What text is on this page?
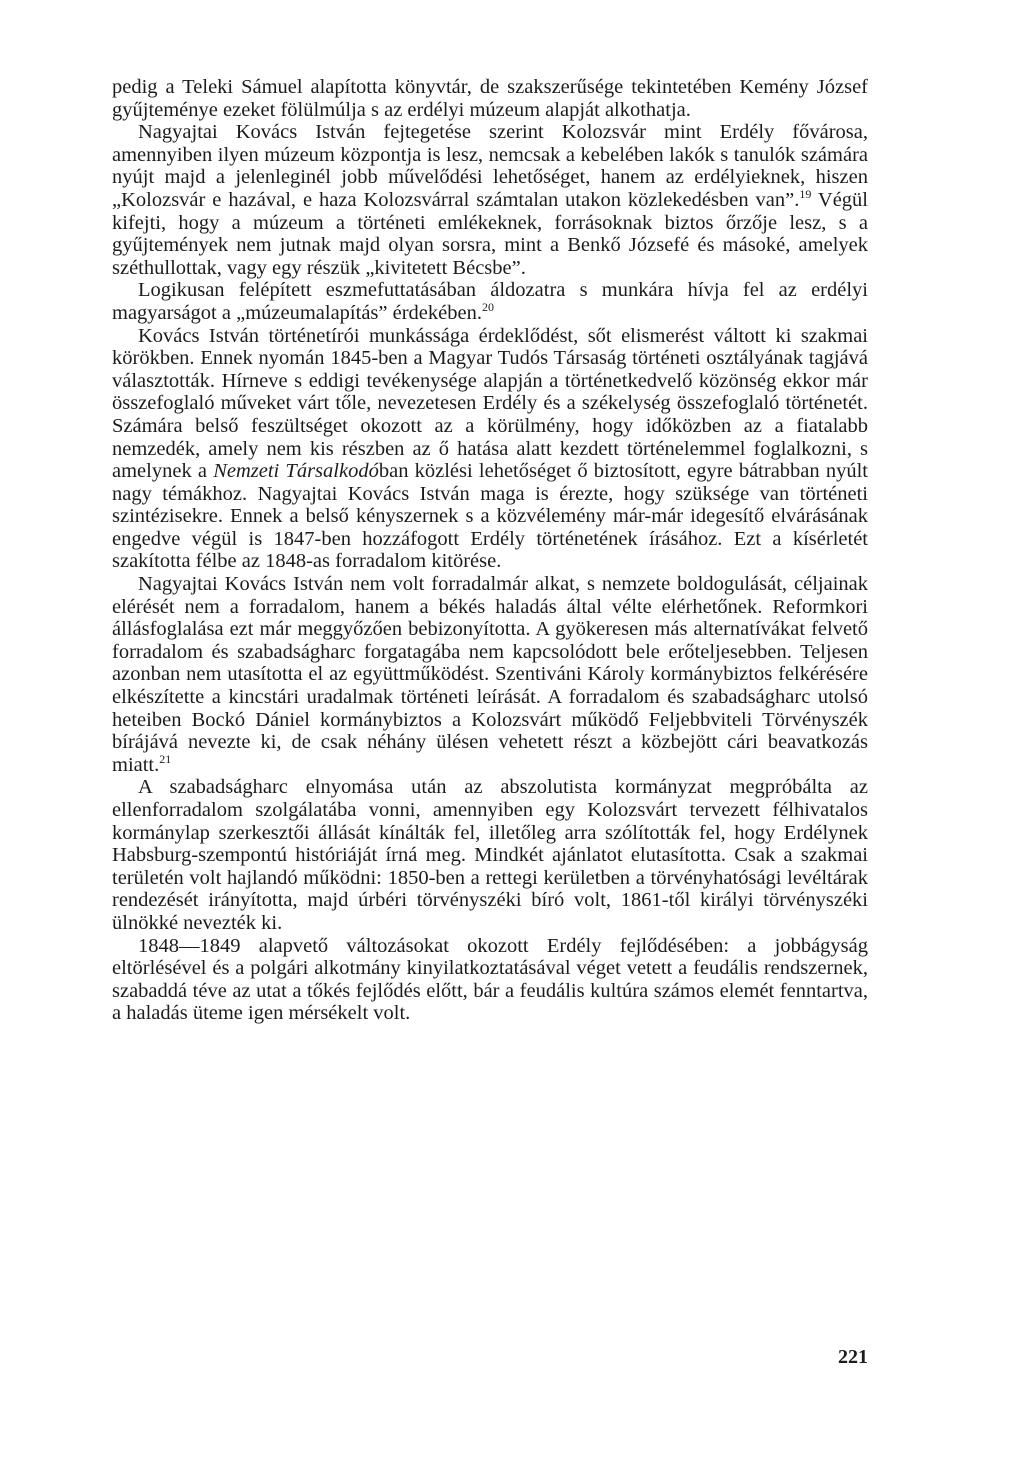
pedig a Teleki Sámuel alapította könyvtár, de szakszerűsége tekintetében Kemény József gyűjteménye ezeket fölülmúlja s az erdélyi múzeum alapját alkothatja.

Nagyajtai Kovács István fejtegetése szerint Kolozsvár mint Erdély fővárosa, amennyiben ilyen múzeum központja is lesz, nemcsak a kebelében lakók s tanulók számára nyújt majd a jelenleginél jobb művelődési lehetőséget, hanem az erdélyieknek, hiszen „Kolozsvár e hazával, e haza Kolozsvárral számtalan utakon közlekedésben van”.$^{19}$ Végül kifejti, hogy a múzeum a történeti emlékeknek, forrásoknak biztos őrzője lesz, s a gyűjtemények nem jutnak majd olyan sorsra, mint a Benkő Józsefé és másoké, amelyek széthullottak, vagy egy részük „kivitetett Bécsbe”.

Logikusan felépített eszmefuttatásában áldozatra s munkára hívja fel az erdélyi magyarságot a „múzeumalapítás” érdekében.$^{20}$

Kovács István történetírói munkássága érdeklődést, sőt elismerést váltott ki szakmai körökben. Ennek nyomán 1845-ben a Magyar Tudós Társaság történeti osztályának tagjává választották. Hírneve s eddigi tevékenysége alapján a történetkedvelő közönség ekkor már összefoglaló műveket várt tőle, nevezetesen Erdély és a székelység összefoglaló történetét. Számára belső feszültséget okozott az a körülmény, hogy időközben az a fiatalabb nemzedék, amely nem kis részben az ő hatása alatt kezdett történelemmel foglalkozni, s amelynek a Nemzeti Társalkodóban közlési lehetőséget ő biztosított, egyre bátrabban nyúlt nagy témákhoz. Nagyajtai Kovács István maga is érezte, hogy szüksége van történeti szintézisekre. Ennek a belső kényszernek s a közvélemény már-már idegesítő elvárásának engedve végül is 1847-ben hozzáfogott Erdély történetének írásához. Ezt a kísérletét szakította félbe az 1848-as forradalom kitörése.

Nagyajtai Kovács István nem volt forradalmár alkat, s nemzete boldogulását, céljainak elérését nem a forradalom, hanem a békés haladás által vélte elérhetőnek. Reformkori állásfoglalása ezt már meggyőzően bebizonyította. A gyökeresen más alternatívákat felvető forradalom és szabadságharc forgatagába nem kapcsolódott bele erőteljesebben. Teljesen azonban nem utasította el az együttműködést. Szentiváni Károly kormánybiztos felkérésére elkészítette a kincstári uradalmak történeti leírását. A forradalom és szabadságharc utolsó heteiben Bockó Dániel kormánybiztos a Kolozsvárt működő Feljebbviteli Törvényszék bírájává nevezte ki, de csak néhány ülésen vehetett részt a közbejött cári beavatkozás miatt.$^{21}$

A szabadságharc elnyomása után az abszolutista kormányzat megpróbálta az ellenforradalom szolgálatába vonni, amennyiben egy Kolozsvárt tervezett félhivatalos kormánylap szerkesztői állását kínálták fel, illetőleg arra szólították fel, hogy Erdélynek Habsburg-szempontú históriáját írná meg. Mindkét ajánlatot elutasította. Csak a szakmai területén volt hajlandó működni: 1850-ben a rettegi kerületben a törvényhatósági levéltárak rendezését irányította, majd úrbéri törvényszéki bíró volt, 1861-től királyi törvényszéki ülnökké nevezték ki.

1848—1849 alapvető változásokat okozott Erdély fejlődésében: a jobbágyság eltörlésével és a polgári alkotmány kinyilatkoztatásával véget vetett a feudális rendszernek, szabaddá téve az utat a tőkés fejlődés előtt, bár a feudális kultúra számos elemét fenntartva, a haladás üteme igen mérsékelt volt.

221
